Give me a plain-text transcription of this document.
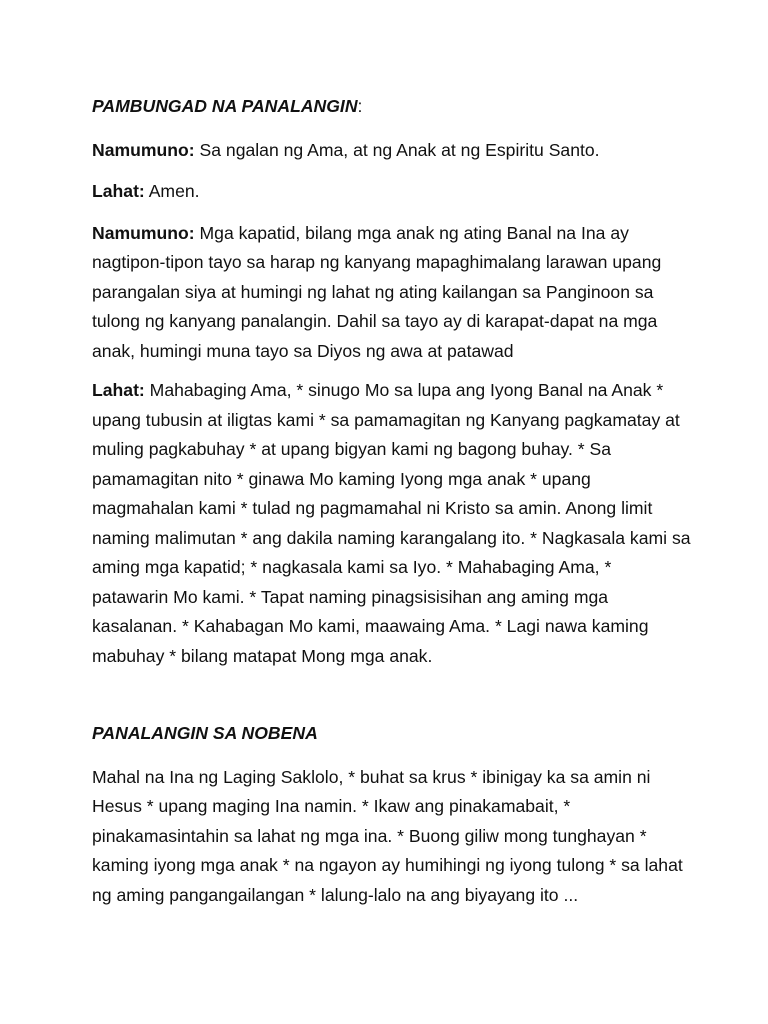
PAMBUNGAD NA PANALANGIN:

Namumuno: Sa ngalan ng Ama, at ng Anak at ng Espiritu Santo.

Lahat: Amen.

Namumuno: Mga kapatid, bilang mga anak ng ating Banal na Ina ay nagtipon-tipon tayo sa harap ng kanyang mapaghimalang larawan upang parangalan siya at humingi ng lahat ng ating kailangan sa Panginoon sa tulong ng kanyang panalangin. Dahil sa tayo ay di karapat-dapat na mga anak, humingi muna tayo sa Diyos ng awa at patawad

Lahat: Mahabaging Ama, * sinugo Mo sa lupa ang Iyong Banal na Anak * upang tubusin at iligtas kami * sa pamamagitan ng Kanyang pagkamatay at muling pagkabuhay * at upang bigyan kami ng bagong buhay. * Sa pamamagitan nito * ginawa Mo kaming Iyong mga anak * upang magmahalan kami * tulad ng pagmamahal ni Kristo sa amin. Anong limit naming malimutan * ang dakila naming karangalang ito. * Nagkasala kami sa aming mga kapatid; * nagkasala kami sa Iyo. * Mahabaging Ama, * patawarin Mo kami. * Tapat naming pinagsisisihan ang aming mga kasalanan. * Kahabagan Mo kami, maawaing Ama. * Lagi nawa kaming mabuhay * bilang matapat Mong mga anak.

PANALANGIN SA NOBENA

Mahal na Ina ng Laging Saklolo, * buhat sa krus * ibinigay ka sa amin ni Hesus * upang maging Ina namin. * Ikaw ang pinakamabait, * pinakamasintahin sa lahat ng mga ina. * Buong giliw mong tunghayan * kaming iyong mga anak * na ngayon ay humihingi ng iyong tulong * sa lahat ng aming pangangailangan * lalung-lalo na ang biyayang ito ...
